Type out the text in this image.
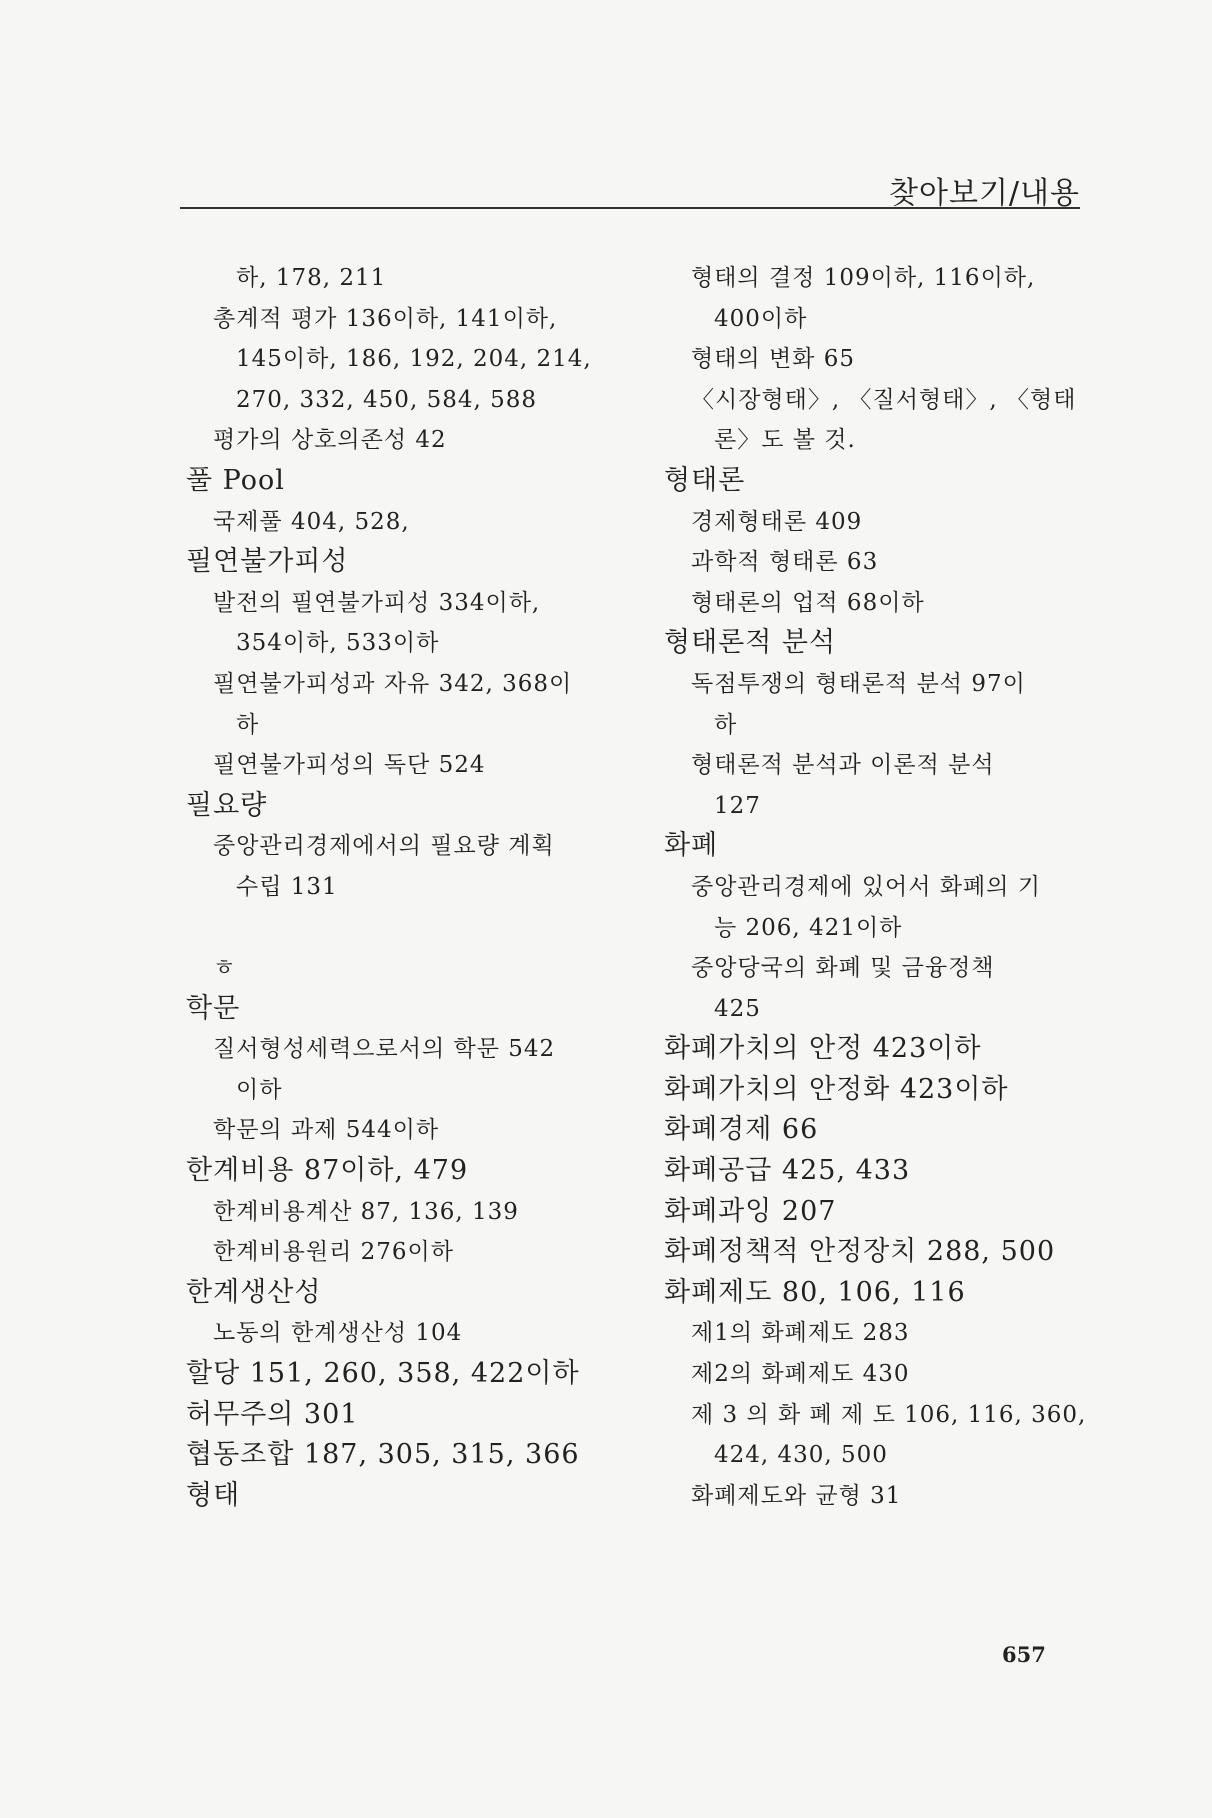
찾아보기/내용
하, 178, 211
총계적 평가 136이하, 141이하,
145이하, 186, 192, 204, 214,
270, 332, 450, 584, 588
평가의 상호의존성 42
풀 Pool
국제풀 404, 528,
필연불가피성
발전의 필연불가피성 334이하,
354이하, 533이하
필연불가피성과 자유 342, 368이
하
필연불가피성의 독단 524
필요량
중앙관리경제에서의 필요량 계획
수립 131
ㅎ
학문
질서형성세력으로서의 학문 542
이하
학문의 과제 544이하
한계비용 87이하, 479
한계비용계산 87, 136, 139
한계비용원리 276이하
한계생산성
노동의 한계생산성 104
할당 151, 260, 358, 422이하
허무주의 301
협동조합 187, 305, 315, 366
형태
형태의 결정 109이하, 116이하,
400이하
형태의 변화 65
〈시장형태〉, 〈질서형태〉, 〈형태
론〉도 볼 것.
형태론
경제형태론 409
과학적 형태론 63
형태론의 업적 68이하
형태론적 분석
독점투쟁의 형태론적 분석 97이
하
형태론적 분석과 이론적 분석
127
화폐
중앙관리경제에 있어서 화폐의 기
능 206, 421이하
중앙당국의 화폐 및 금융정책
425
화폐가치의 안정 423이하
화폐가치의 안정화 423이하
화폐경제 66
화폐공급 425, 433
화폐과잉 207
화폐정책적 안정장치 288, 500
화폐제도 80, 106, 116
제1의 화폐제도 283
제2의 화폐제도 430
제 3 의 화 폐 제 도 106, 116, 360,
424, 430, 500
화폐제도와 균형 31
657
